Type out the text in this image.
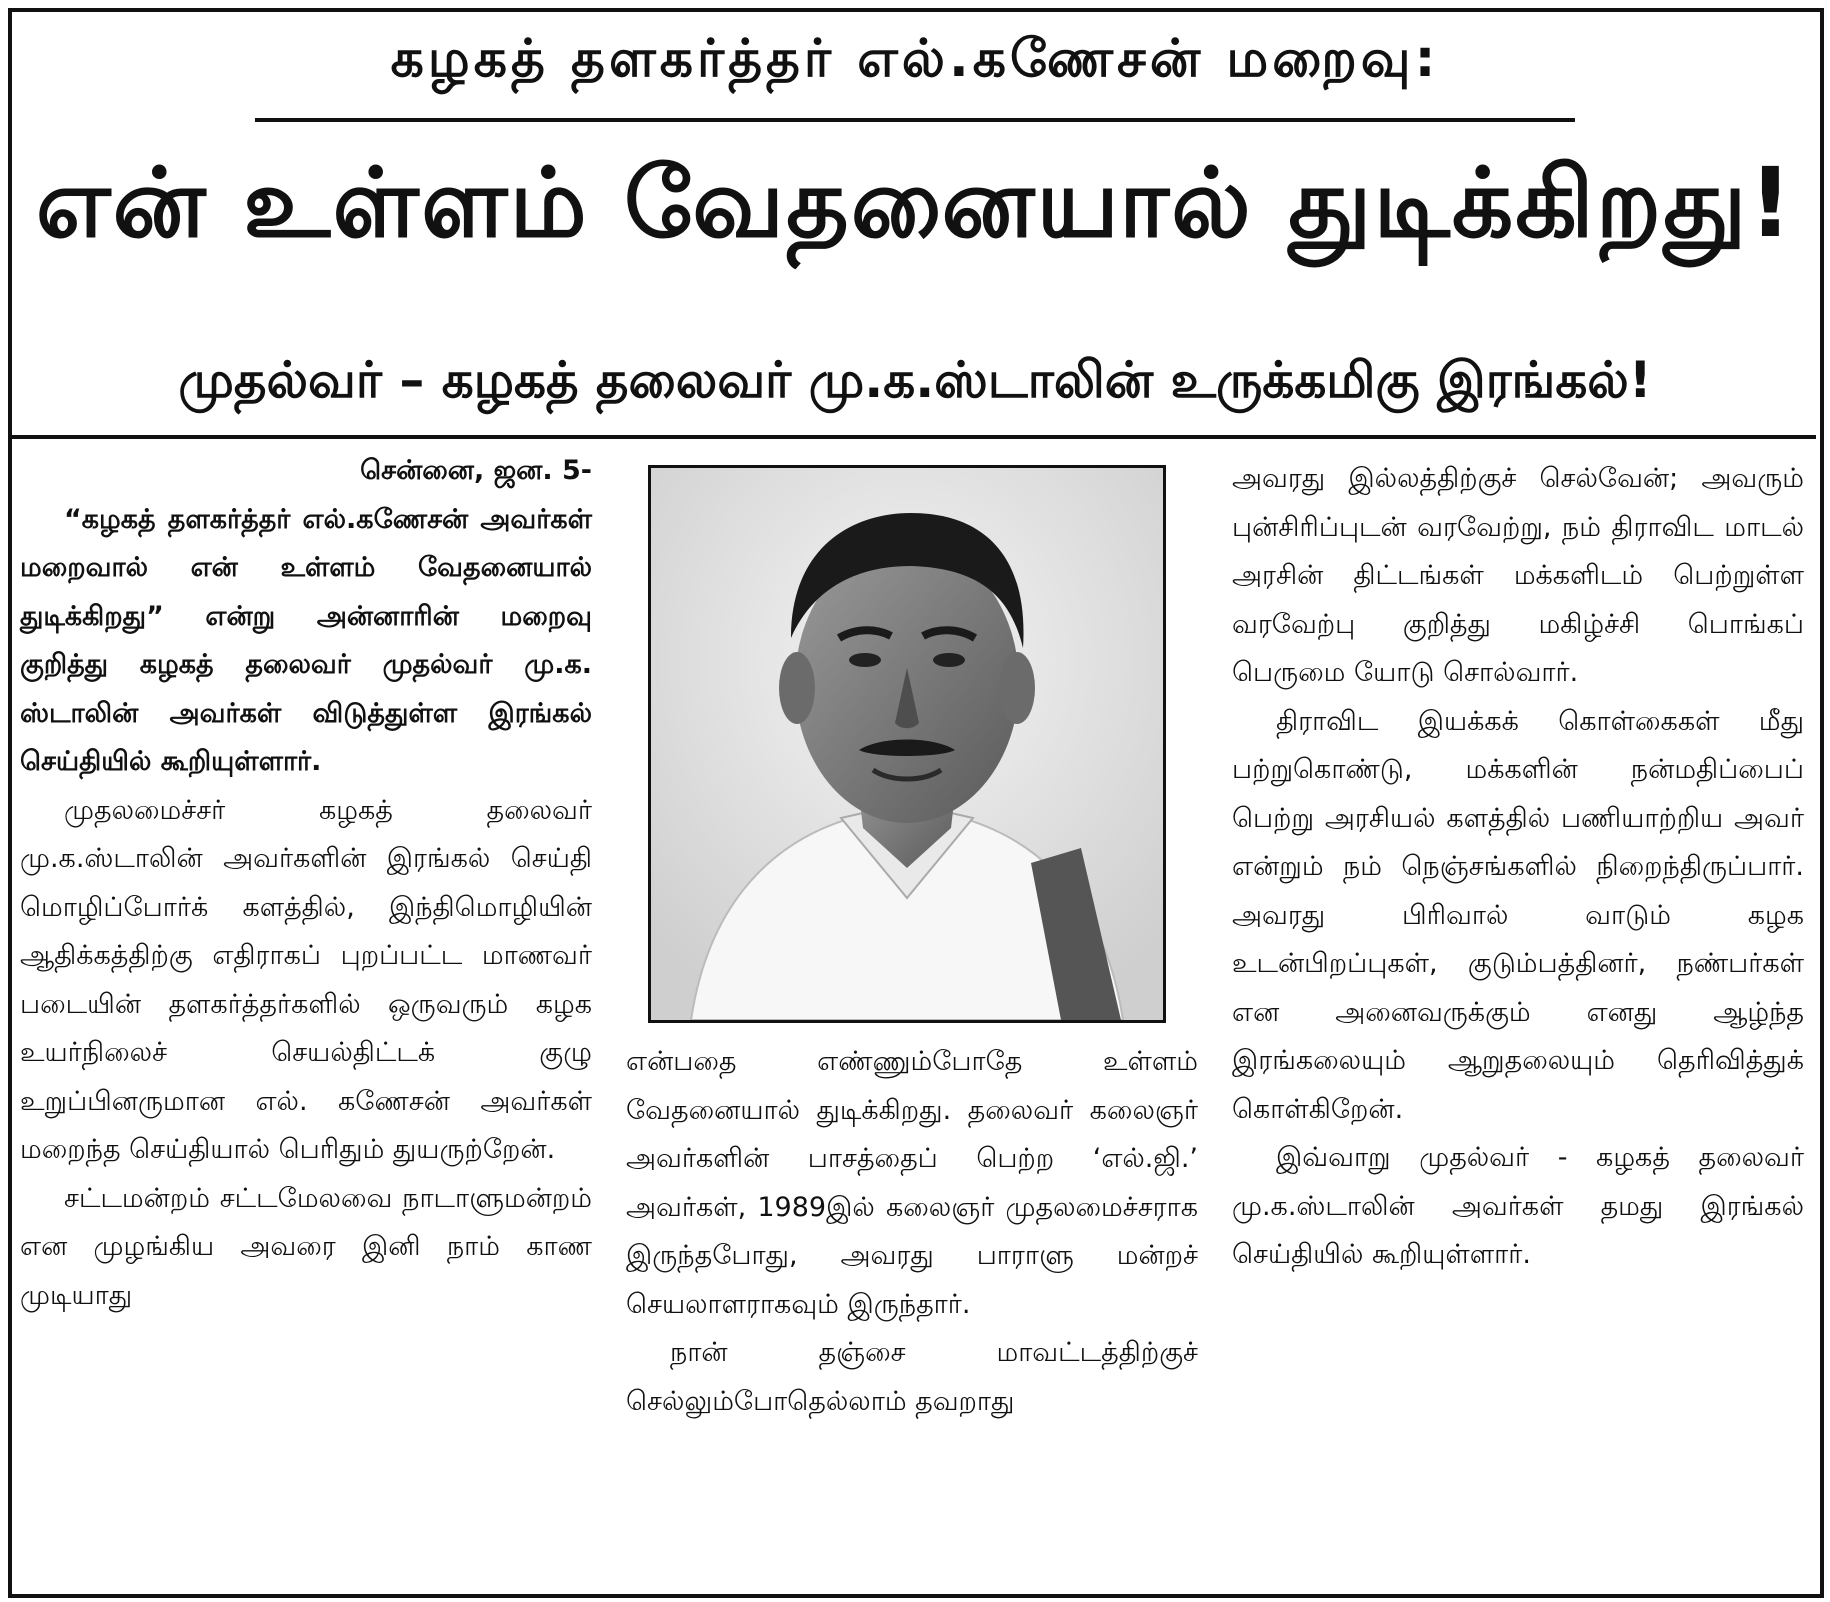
கழகத் தளகர்த்தர் எல்.கணேசன் மறைவு:
என் உள்ளம் வேதனையால் துடிக்கிறது!
முதல்வர் – கழகத் தலைவர் மு.க.ஸ்டாலின் உருக்கமிகு இரங்கல்!

சென்னை, ஜன. 5-

“கழகத் தளகர்த்தர் எல்.கணேசன் அவர்கள் மறைவால் என் உள்ளம் வேதனையால் துடிக்கிறது” என்று அன்னாரின் மறைவு குறித்து கழகத் தலைவர் முதல்வர் மு.க. ஸ்டாலின் அவர்கள் விடுத்துள்ள இரங்கல் செய்தியில் கூறியுள்ளார்.

முதலமைச்சர் கழகத் தலைவர் மு.க.ஸ்டாலின் அவர்களின் இரங்கல் செய்தி மொழிப்போர்க் களத்தில், இந்திமொழியின் ஆதிக்கத்திற்கு எதிராகப் புறப்பட்ட மாணவர் படையின் தளகர்த்தர்களில் ஒருவரும் கழக உயர்நிலைச் செயல்திட்டக் குழு உறுப்பினருமான எல். கணேசன் அவர்கள் மறைந்த செய்தியால் பெரிதும் துயருற்றேன்.

சட்டமன்றம் சட்டமேலவை நாடாளுமன்றம் என முழங்கிய அவரை இனி நாம் காண முடியாது

என்பதை எண்ணும்போதே உள்ளம் வேதனையால் துடிக்கிறது. தலைவர் கலைஞர் அவர்களின் பாசத்தைப் பெற்ற ‘எல்.ஜி.’ அவர்கள், 1989இல் கலைஞர் முதலமைச்சராக இருந்தபோது, அவரது பாராளு மன்றச் செயலாளராகவும் இருந்தார்.

நான் தஞ்சை மாவட்டத்திற்குச் செல்லும்போதெல்லாம் தவறாது

அவரது இல்லத்திற்குச் செல்வேன்; அவரும் புன்சிரிப்புடன் வரவேற்று, நம் திராவிட மாடல் அரசின் திட்டங்கள் மக்களிடம் பெற்றுள்ள வரவேற்பு குறித்து மகிழ்ச்சி பொங்கப் பெருமை யோடு சொல்வார்.

திராவிட இயக்கக் கொள்கைகள் மீது பற்றுகொண்டு, மக்களின் நன்மதிப்பைப் பெற்று அரசியல் களத்தில் பணியாற்றிய அவர் என்றும் நம் நெஞ்சங்களில் நிறைந்திருப்பார். அவரது பிரிவால் வாடும் கழக உடன்பிறப்புகள், குடும்பத்தினர், நண்பர்கள் என அனைவருக்கும் எனது ஆழ்ந்த இரங்கலையும் ஆறுதலையும் தெரிவித்துக் கொள்கிறேன்.

இவ்வாறு முதல்வர் - கழகத் தலைவர் மு.க.ஸ்டாலின் அவர்கள் தமது இரங்கல் செய்தியில் கூறியுள்ளார்.
